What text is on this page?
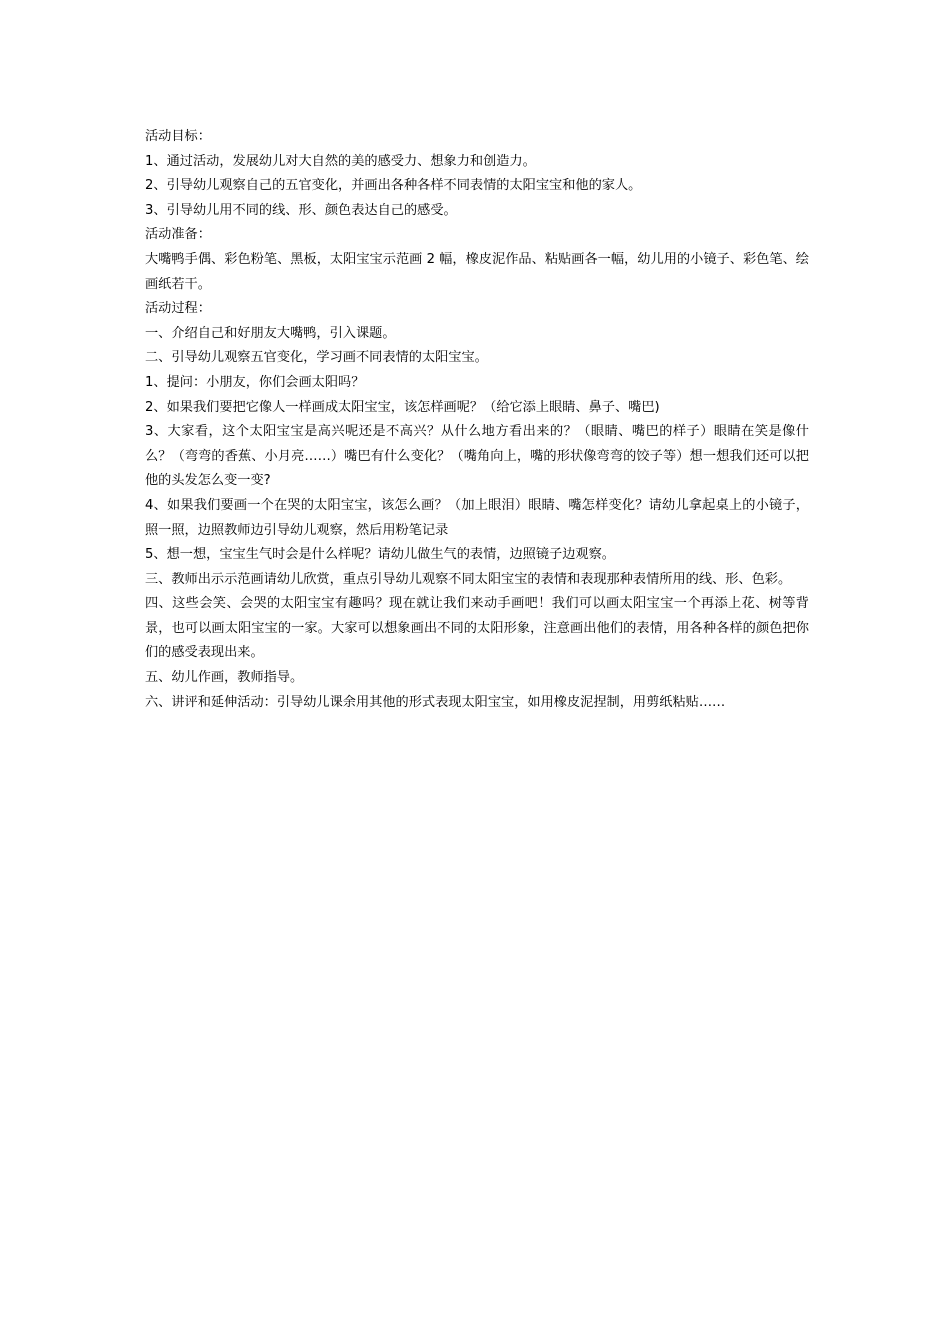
活动目标：

1、通过活动，发展幼儿对大自然的美的感受力、想象力和创造力。

2、引导幼儿观察自己的五官变化，并画出各种各样不同表情的太阳宝宝和他的家人。

3、引导幼儿用不同的线、形、颜色表达自己的感受。

活动准备：

大嘴鸭手偶、彩色粉笔、黑板，太阳宝宝示范画 2 幅，橡皮泥作品、粘贴画各一幅，幼儿用的小镜子、彩色笔、绘画纸若干。

活动过程：

一、介绍自己和好朋友大嘴鸭，引入课题。

二、引导幼儿观察五官变化，学习画不同表情的太阳宝宝。

1、提问：小朋友，你们会画太阳吗？

2、如果我们要把它像人一样画成太阳宝宝，该怎样画呢？（给它添上眼睛、鼻子、嘴巴)

3、大家看，这个太阳宝宝是高兴呢还是不高兴？从什么地方看出来的？（眼睛、嘴巴的样子）眼睛在笑是像什么？（弯弯的香蕉、小月亮……）嘴巴有什么变化？（嘴角向上，嘴的形状像弯弯的饺子等）想一想我们还可以把他的头发怎么变一变?

4、如果我们要画一个在哭的太阳宝宝，该怎么画？（加上眼泪）眼睛、嘴怎样变化？请幼儿拿起桌上的小镜子，照一照，边照教师边引导幼儿观察，然后用粉笔记录

5、想一想，宝宝生气时会是什么样呢？请幼儿做生气的表情，边照镜子边观察。

三、教师出示示范画请幼儿欣赏，重点引导幼儿观察不同太阳宝宝的表情和表现那种表情所用的线、形、色彩。

四、这些会笑、会哭的太阳宝宝有趣吗？现在就让我们来动手画吧！我们可以画太阳宝宝一个再添上花、树等背景，也可以画太阳宝宝的一家。大家可以想象画出不同的太阳形象，注意画出他们的表情，用各种各样的颜色把你们的感受表现出来。

五、幼儿作画，教师指导。

六、讲评和延伸活动：引导幼儿课余用其他的形式表现太阳宝宝，如用橡皮泥捏制，用剪纸粘贴……
